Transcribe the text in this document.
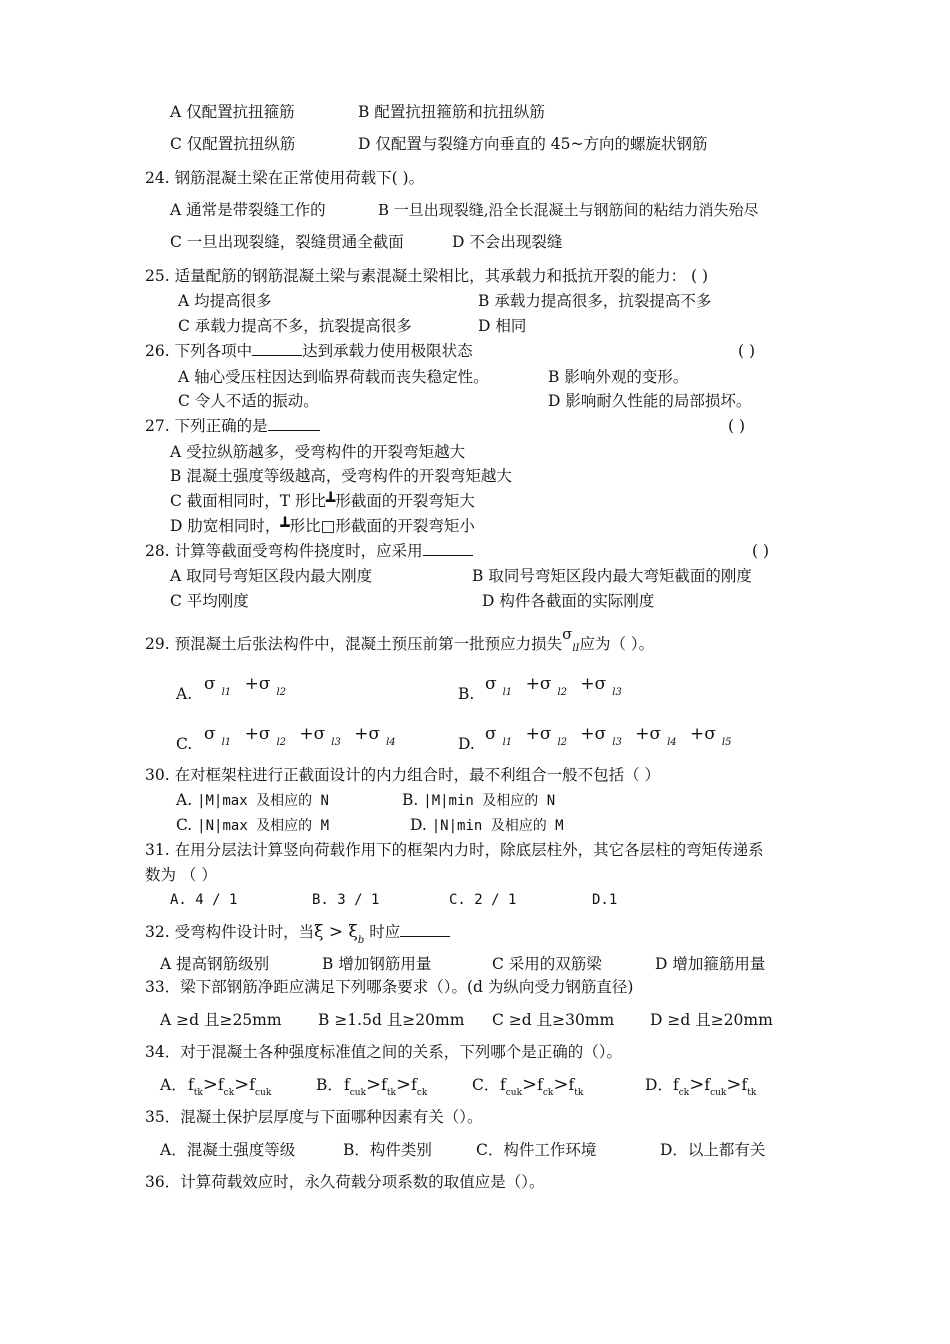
A 仅配置抗扭箍筋	B 配置抗扭箍筋和抗扭纵筋
C 仅配置抗扭纵筋	D 仅配置与裂缝方向垂直的 45~方向的螺旋状钢筋
24. 钢筋混凝土梁在正常使用荷载下( )。
A 通常是带裂缝工作的	B 一旦出现裂缝,沿全长混凝土与钢筋间的粘结力消失殆尽
C 一旦出现裂缝，裂缝贯通全截面	D 不会出现裂缝
25. 适量配筋的钢筋混凝土梁与素混凝土梁相比，其承载力和抵抗开裂的能力： ( )
A 均提高很多	B 承载力提高很多，抗裂提高不多
C 承载力提高不多，抗裂提高很多	D 相同
26. 下列各项中	达到承载力使用极限状态	( )
A 轴心受压柱因达到临界荷载而丧失稳定性。	B 影响外观的变形。
C 令人不适的振动。	D 影响耐久性能的局部损坏。
27. 下列正确的是	( )
A 受拉纵筋越多，受弯构件的开裂弯矩越大
B 混凝土强度等级越高，受弯构件的开裂弯矩越大
C 截面相同时，T 形比┻形截面的开裂弯矩大
D 肋宽相同时，┻形比□形截面的开裂弯矩小
28. 计算等截面受弯构件挠度时，应采用	( )
A 取同号弯矩区段内最大刚度	B 取同号弯矩区段内最大弯矩截面的刚度
C 平均刚度	D 构件各截面的实际刚度
29. 预混凝土后张法构件中，混凝土预压前第一批预应力损失σlI应为（ ）。
A. σ $_{l1}$ +σ $_{l2}$	B. σ $_{l1}$ +σ $_{l2}$ +σ $_{l3}$
C. σ $_{l1}$ +σ $_{l2}$ +σ $_{l3}$ +σ $_{l4}$	D. σ $_{l1}$ +σ $_{l2}$ +σ $_{l3}$ +σ $_{l4}$ +σ $_{l5}$
30. 在对框架柱进行正截面设计的内力组合时，最不利组合一般不包括（ ）
A. |M|max 及相应的 N	B. |M|min 及相应的 N
C. |N|max 及相应的 M	D. |N|min 及相应的 M
31. 在用分层法计算竖向荷载作用下的框架内力时，除底层柱外，其它各层柱的弯矩传递系
数为 （ ）
A. 4 / 1	B. 3 / 1	C. 2 / 1	D.1
32. 受弯构件设计时，当$\xi > \xi_b$ 时应
A 提高钢筋级别	B 增加钢筋用量	C 采用的双筋梁	D 增加箍筋用量
33．梁下部钢筋净距应满足下列哪条要求（）。(d 为纵向受力钢筋直径)
A ≥d 且≥25mm B ≥1.5d 且≥20mm C ≥d 且≥30mm D ≥d 且≥20mm
34．对于混凝土各种强度标准值之间的关系，下列哪个是正确的（）。
A． $f_{tk}>f_{ck}>f_{cuk}$	B． $f_{cuk}>f_{tk}>f_{ck}$	C． $f_{cuk}>f_{ck}>f_{tk}$	D． $f_{ck}>f_{cuk}>f_{tk}$
35．混凝土保护层厚度与下面哪种因素有关（）。
A．混凝土强度等级	B．构件类别	C．构件工作环境	D．以上都有关
36．计算荷载效应时，永久荷载分项系数的取值应是（）。
